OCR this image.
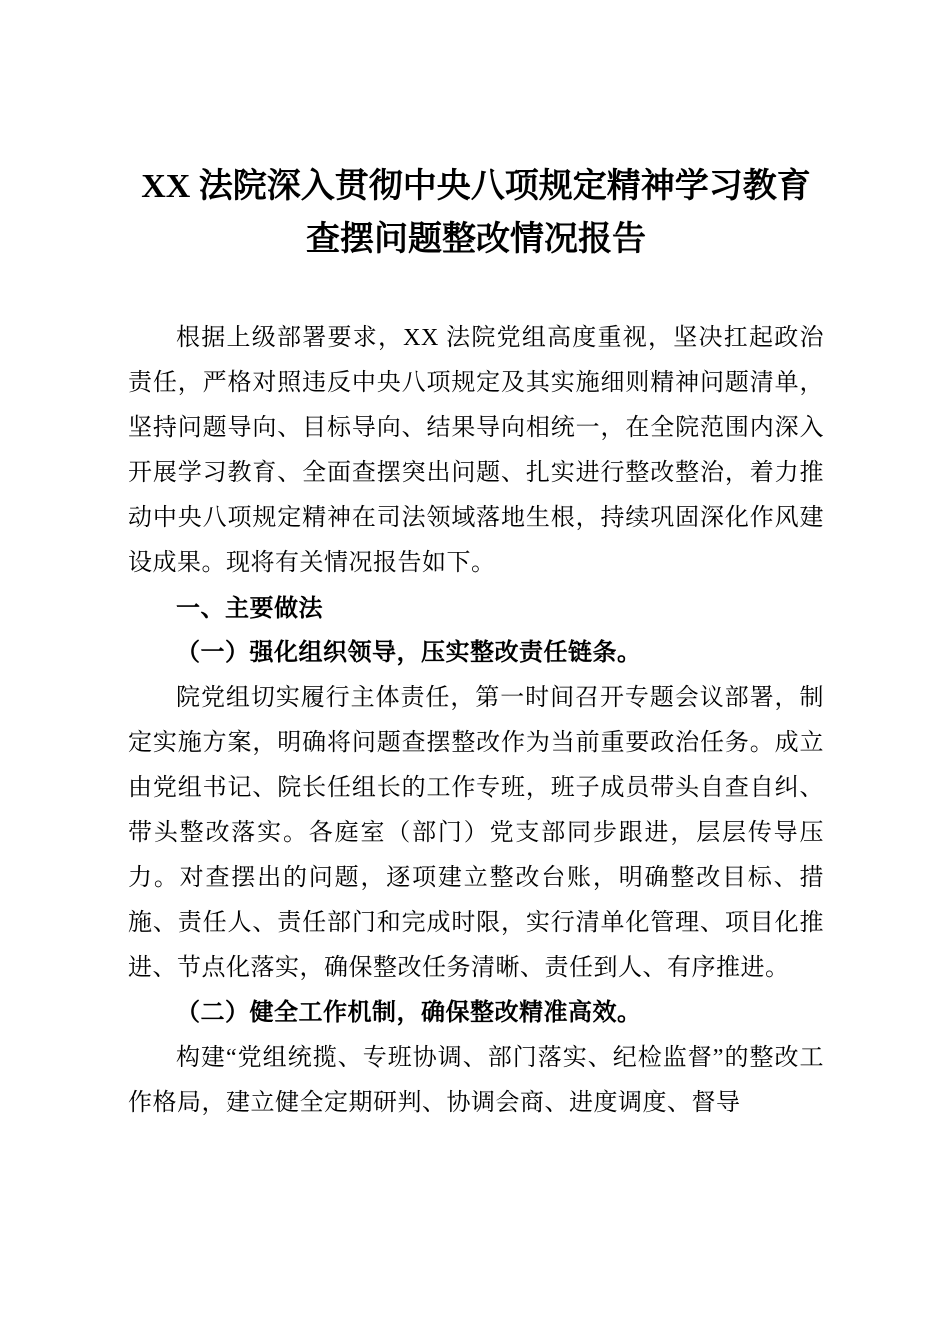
XX 法院深入贯彻中央八项规定精神学习教育
查摆问题整改情况报告

根据上级部署要求，XX 法院党组高度重视，坚决扛起政治责任，严格对照违反中央八项规定及其实施细则精神问题清单，坚持问题导向、目标导向、结果导向相统一，在全院范围内深入开展学习教育、全面查摆突出问题、扎实进行整改整治，着力推动中央八项规定精神在司法领域落地生根，持续巩固深化作风建设成果。现将有关情况报告如下。

一、主要做法

（一）强化组织领导，压实整改责任链条。

院党组切实履行主体责任，第一时间召开专题会议部署，制定实施方案，明确将问题查摆整改作为当前重要政治任务。成立由党组书记、院长任组长的工作专班，班子成员带头自查自纠、带头整改落实。各庭室（部门）党支部同步跟进，层层传导压力。对查摆出的问题，逐项建立整改台账，明确整改目标、措施、责任人、责任部门和完成时限，实行清单化管理、项目化推进、节点化落实，确保整改任务清晰、责任到人、有序推进。

（二）健全工作机制，确保整改精准高效。

构建“党组统揽、专班协调、部门落实、纪检监督”的整改工作格局，建立健全定期研判、协调会商、进度调度、督导
